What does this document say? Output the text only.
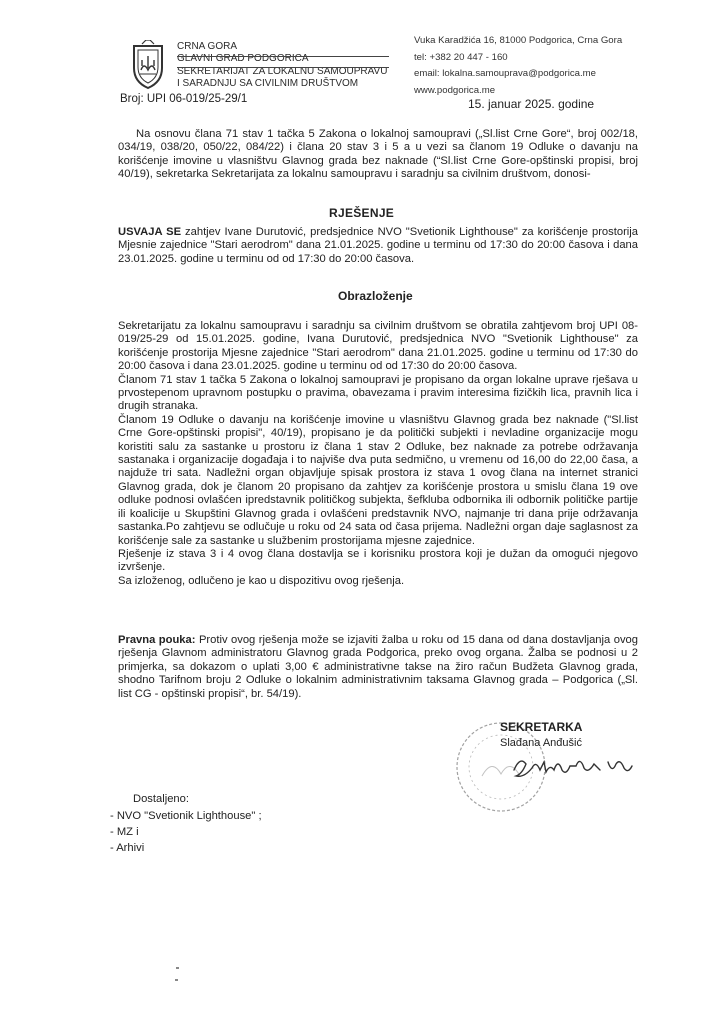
CRNA GORA
GLAVNI GRAD PODGORICA
SEKRETARIJAT ZA LOKALNU SAMOUPRAVU
I SARADNJU SA CIVILNIM DRUŠTVOM
Vuka Karadžića 16, 81000 Podgorica, Crna Gora
tel: +382 20 447 - 160
email: lokalna.samouprava@podgorica.me
www.podgorica.me
Broj: UPI 06-019/25-29/1	15. januar 2025. godine

Na osnovu člana 71 stav 1 tačka 5 Zakona o lokalnoj samoupravi („Sl.list Crne Gore“, broj 002/18, 034/19, 038/20, 050/22, 084/22) i člana 20 stav 3 i 5 a u vezi sa članom 19 Odluke o davanju na korišćenje imovine u vlasništvu Glavnog grada bez naknade (“Sl.list Crne Gore-opštinski propisi, broj 40/19), sekretarka Sekretarijata za lokalnu samoupravu i saradnju sa civilnim društvom, donosi-

RJEŠENJE

USVAJA SE zahtjev Ivane Durutović, predsjednice NVO "Svetionik Lighthouse" za korišćenje prostorija Mjesnie zajednice "Stari aerodrom" dana 21.01.2025. godine u terminu od 17:30 do 20:00 časova i dana 23.01.2025. godine u terminu od od 17:30 do 20:00 časova.

Obrazloženje

Sekretarijatu za lokalnu samoupravu i saradnju sa civilnim društvom se obratila zahtjevom broj UPI 08-019/25-29 od 15.01.2025. godine, Ivana Durutović, predsjednica NVO "Svetionik Lighthouse" za korišćenje prostorija Mjesne zajednice "Stari aerodrom" dana 21.01.2025. godine u terminu od 17:30 do 20:00 časova i dana 23.01.2025. godine u terminu od od 17:30 do 20:00 časova.

Članom 71 stav 1 tačka 5 Zakona o lokalnoj samoupravi je propisano da organ lokalne uprave rješava u prvostepenom upravnom postupku o pravima, obavezama i pravim interesima fizičkih lica, pravnih lica i drugih stranaka.

Članom 19 Odluke o davanju na korišćenje imovine u vlasništvu Glavnog grada bez naknade ("Sl.list Crne Gore-opštinski propisi", 40/19), propisano je da politički subjekti i nevladine organizacije mogu koristiti salu za sastanke u prostoru iz člana 1 stav 2 Odluke, bez naknade za potrebe održavanja sastanaka i organizacije događaja i to najviše dva puta sedmično, u vremenu od 16,00 do 22,00 časa, a najduže tri sata. Nadležni organ objavljuje spisak prostora iz stava 1 ovog člana na internet stranici Glavnog grada, dok je članom 20 propisano da zahtjev za korišćenje prostora u smislu člana 19 ove odluke podnosi ovlašćen ipredstavnik političkog subjekta, šefkluba odbornika ili odbornik političke partije ili koalicije u Skupštini Glavnog grada i ovlašćeni predstavnik NVO, najmanje tri dana prije održavanja sastanka.Po zahtjevu se odlučuje u roku od 24 sata od časa prijema. Nadležni organ daje saglasnost za korišćenje sale za sastanke u službenim prostorijama mjesne zajednice.

Rješenje iz stava 3 i 4 ovog člana dostavlja se i korisniku prostora koji je dužan da omogući njegovo izvršenje.

Sa izloženog, odlučeno je kao u dispozitivu ovog rješenja.

Pravna pouka: Protiv ovog rješenja može se izjaviti žalba u roku od 15 dana od dana dostavljanja ovog rješenja Glavnom administratoru Glavnog grada Podgorica, preko ovog organa. Žalba se podnosi u 2 primjerka, sa dokazom o uplati 3,00 € administrativne takse na žiro račun Budžeta Glavnog grada, shodno Tarifnom broju 2 Odluke o lokalnim administrativnim taksama Glavnog grada – Podgorica („Sl. list CG - opštinski propisi“, br. 54/19).

SEKRETARKA
Slađana Anđušić
Dostaljeno:
- NVO "Svetionik Lighthouse" ;
- MZ i
- Arhivi
